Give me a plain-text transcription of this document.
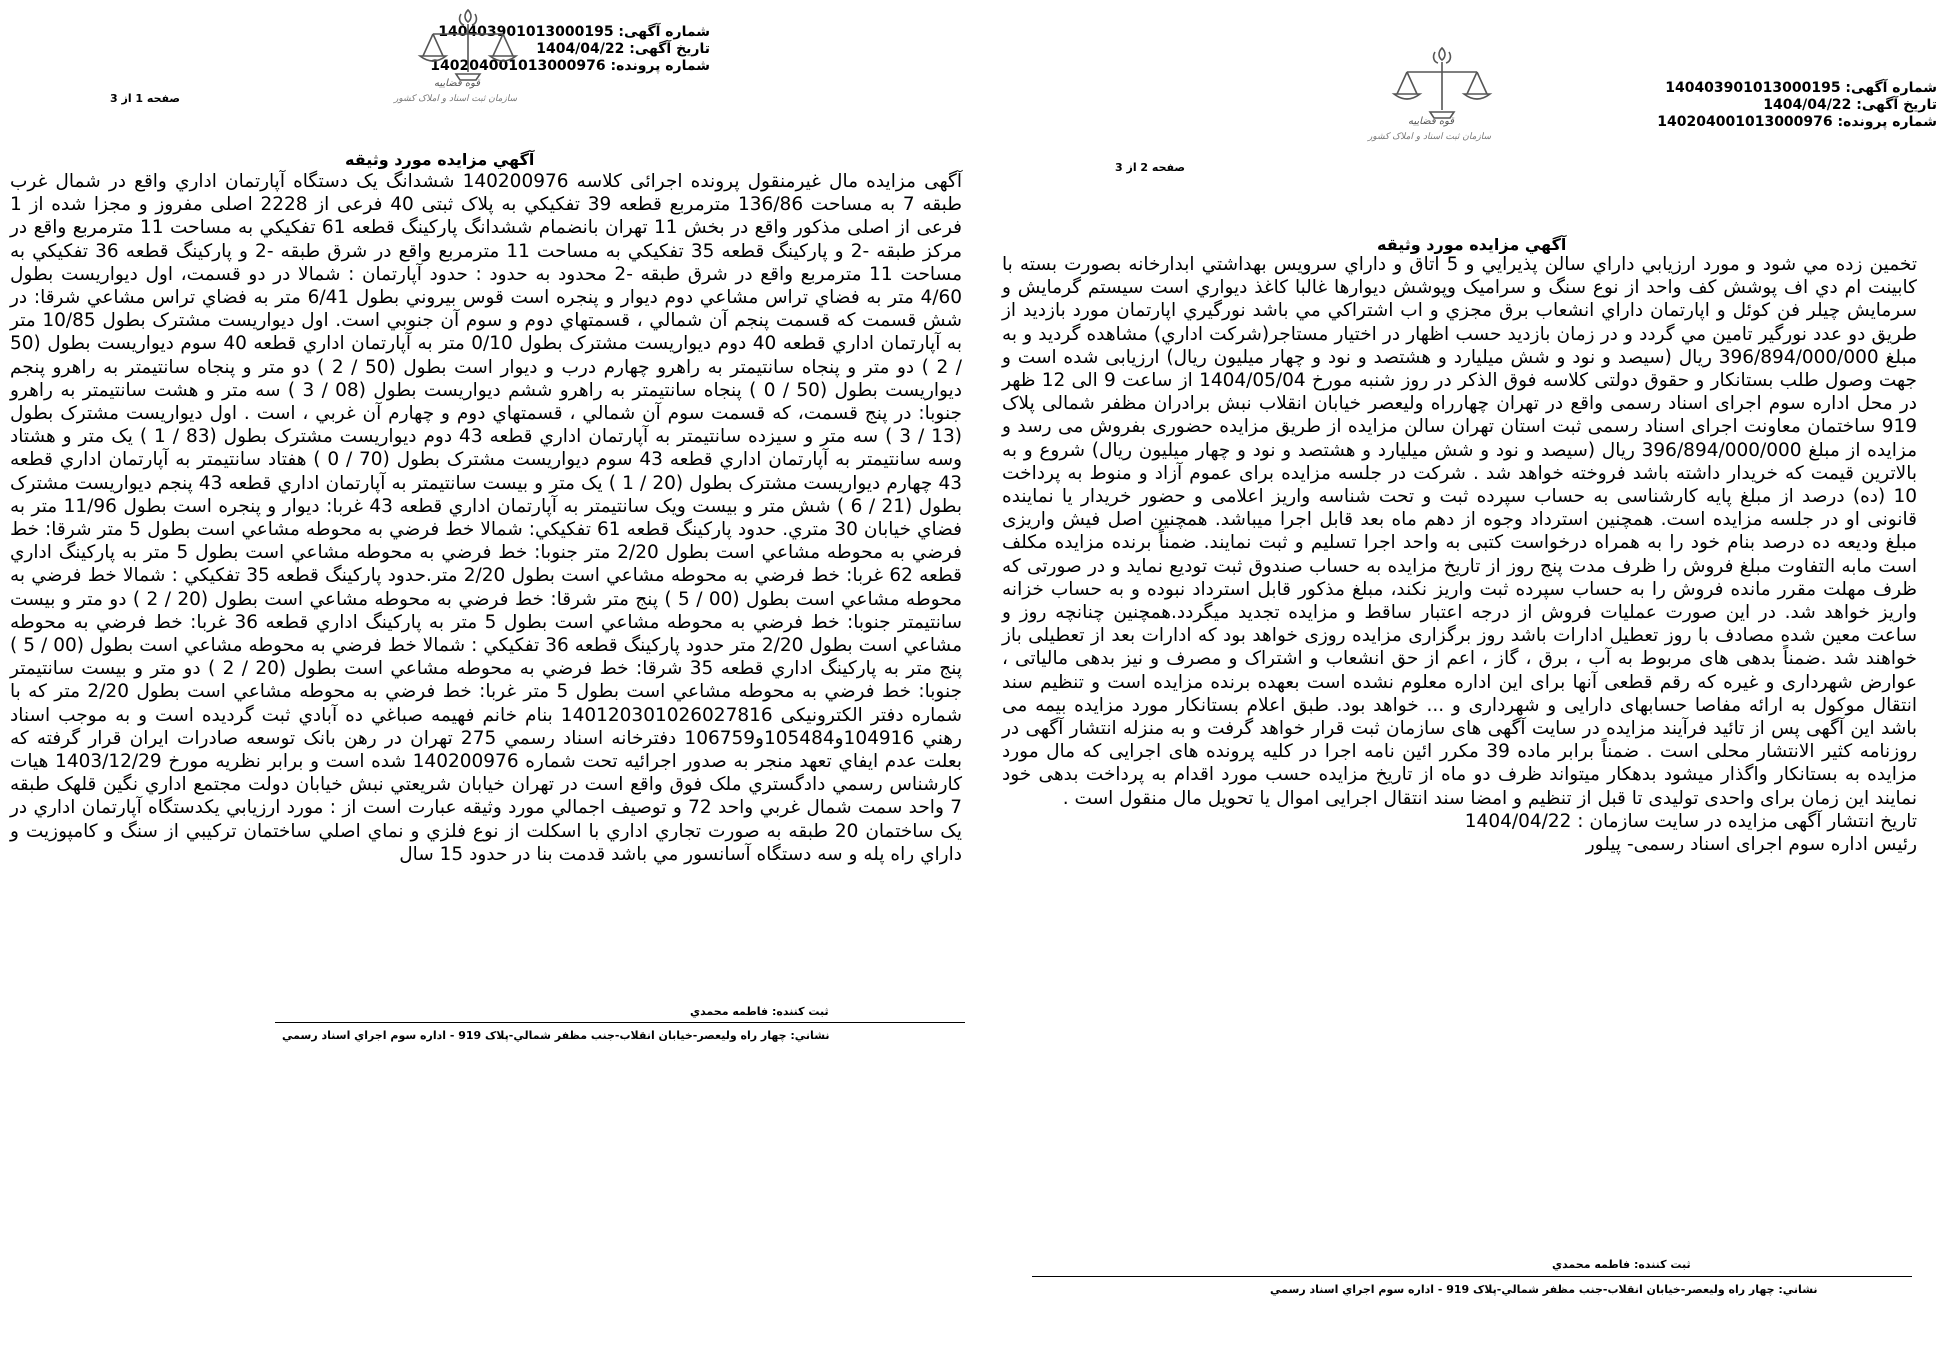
شماره آگهی: 140403901013000195
تاریخ آگهی: 1404/04/22
شماره پرونده: 140204001013000976
قوه قضاييه
سازمان ثبت اسناد و املاک کشور
صفحه 1 از 3
آگهي مزايده مورد وثيقه
آگهی مزایده مال غیرمنقول پرونده اجرائی کلاسه 140200976 ششدانگ يک دستگاه آپارتمان اداري واقع در شمال غرب طبقه 7 به مساحت 136/86 مترمربع قطعه 39 تفکيکي به پلاک ثبتی 40 فرعی از 2228 اصلی مفروز و مجزا شده از 1 فرعی از اصلی مذکور واقع در بخش 11 تهران بانضمام ششدانگ پارکينگ قطعه 61 تفکيکي به مساحت 11 مترمربع واقع در مرکز طبقه -2 و پارکينگ قطعه 35 تفکيکي به مساحت 11 مترمربع واقع در شرق طبقه -2 و پارکينگ قطعه 36 تفکيکي به مساحت 11 مترمربع واقع در شرق طبقه -2 محدود به حدود : حدود آپارتمان : شمالا در دو قسمت، اول ديواريست بطول 4/60 متر به فضاي تراس مشاعي دوم ديوار و پنجره است قوس بيروني بطول 6/41 متر به فضاي تراس مشاعي شرقا: در شش قسمت که قسمت پنجم آن شمالي ، قسمتهاي دوم و سوم آن جنوبي است. اول ديواريست مشترک بطول 10/85 متر به آپارتمان اداري قطعه 40 دوم ديواريست مشترک بطول 0/10 متر به آپارتمان اداري قطعه 40 سوم ديواريست بطول (50 / 2 ) دو متر و پنجاه سانتيمتر به راهرو چهارم درب و ديوار است بطول (50 / 2 ) دو متر و پنجاه سانتيمتر به راهرو پنجم ديواريست بطول (50 / 0 ) پنجاه سانتيمتر به راهرو ششم ديواريست بطول (08 / 3 ) سه متر و هشت سانتيمتر به راهرو جنوبا: در پنج قسمت، که قسمت سوم آن شمالي ، قسمتهاي دوم و چهارم آن غربي ، است . اول ديواريست مشترک بطول (13 / 3 ) سه متر و سيزده سانتيمتر به آپارتمان اداري قطعه 43 دوم ديواريست مشترک بطول (83 / 1 ) يک متر و هشتاد وسه سانتيمتر به آپارتمان اداري قطعه 43 سوم ديواريست مشترک بطول (70 / 0 ) هفتاد سانتيمتر به آپارتمان اداري قطعه 43 چهارم ديواريست مشترک بطول (20 / 1 ) يک متر و بيست سانتيمتر به آپارتمان اداري قطعه 43 پنجم ديواريست مشترک بطول (21 / 6 ) شش متر و بيست ويک سانتيمتر به آپارتمان اداري قطعه 43 غربا: ديوار و پنجره است بطول 11/96 متر به فضاي خيابان 30 متري. حدود پارکينگ قطعه 61 تفکيکي: شمالا خط فرضي به محوطه مشاعي است بطول 5 متر شرقا: خط فرضي به محوطه مشاعي است بطول 2/20 متر جنوبا: خط فرضي به محوطه مشاعي است بطول 5 متر به پارکينگ اداري قطعه 62 غربا: خط فرضي به محوطه مشاعي است بطول 2/20 متر.حدود پارکينگ قطعه 35 تفکيکي : شمالا خط فرضي به محوطه مشاعي است بطول (00 / 5 ) پنج متر شرقا: خط فرضي به محوطه مشاعي است بطول (20 / 2 ) دو متر و بيست سانتيمتر جنوبا: خط فرضي به محوطه مشاعي است بطول 5 متر به پارکينگ اداري قطعه 36 غربا: خط فرضي به محوطه مشاعي است بطول 2/20 متر حدود پارکينگ قطعه 36 تفکيکي : شمالا خط فرضي به محوطه مشاعي است بطول (00 / 5 ) پنج متر به پارکينگ اداري قطعه 35 شرقا: خط فرضي به محوطه مشاعي است بطول (20 / 2 ) دو متر و بيست سانتيمتر جنوبا: خط فرضي به محوطه مشاعي است بطول 5 متر غربا: خط فرضي به محوطه مشاعي است بطول 2/20 متر که با شماره دفتر الکترونيکی 140120301026027816 بنام خانم فهيمه صباغي ده آبادي ثبت گرديده است و به موجب اسناد رهني 104916و105484و106759 دفترخانه اسناد رسمي 275 تهران در رهن بانک توسعه صادرات ايران قرار گرفته که بعلت عدم ايفاي تعهد منجر به صدور اجرائيه تحت شماره 140200976 شده است و برابر نظريه مورخ 1403/12/29 هيات کارشناس رسمي دادگستري ملک فوق واقع است در تهران خيابان شريعتي نبش خيابان دولت مجتمع اداري نگين قلهک طبقه 7 واحد سمت شمال غربي واحد 72 و توصيف اجمالي مورد وثيقه عبارت است از : مورد ارزيابي يکدستگاه آپارتمان اداري در يک ساختمان 20 طبقه به صورت تجاري اداري با اسکلت از نوع فلزي و نماي اصلي ساختمان ترکيبي از سنگ و کامپوزيت و داراي راه پله و سه دستگاه آسانسور مي باشد قدمت بنا در حدود 15 سال
ثبت کننده: فاطمه محمدي
نشاني: چهار راه وليعصر-خيابان انقلاب-جنب مظفر شمالي-پلاک 919 - اداره سوم اجراي اسناد رسمي
شماره آگهی: 140403901013000195
تاریخ آگهی: 1404/04/22
شماره پرونده: 140204001013000976
قوه قضاييه
سازمان ثبت اسناد و املاک کشور
صفحه 2 از 3
آگهي مزايده مورد وثيقه
تخمين زده مي شود و مورد ارزيابي داراي سالن پذيرايي و 5 اتاق و داراي سرويس بهداشتي ابدارخانه بصورت بسته با کابينت ام دي اف پوشش کف واحد از نوع سنگ و سراميک وپوشش ديوارها غالبا کاغذ ديواري است سيستم گرمايش و سرمايش چيلر فن کوئل و اپارتمان داراي انشعاب برق مجزي و اب اشتراکي مي باشد نورگيري اپارتمان مورد بازديد از طريق دو عدد نورگير تامين مي گردد و در زمان بازديد حسب اظهار در اختيار مستاجر(شرکت اداري) مشاهده گرديد و به مبلغ 396/894/000/000 ريال (سيصد و نود و شش ميليارد و هشتصد و نود و چهار ميليون ريال) ارزیابی شده است و جهت وصول طلب بستانکار و حقوق دولتی کلاسه فوق الذکر در روز شنبه مورخ 1404/05/04 از ساعت 9 الی 12 ظهر در محل اداره سوم اجرای اسناد رسمی واقع در تهران چهارراه ولیعصر خیابان انقلاب نبش برادران مظفر شمالی پلاک 919 ساختمان معاونت اجرای اسناد رسمی ثبت استان تهران سالن مزایده از طریق مزایده حضوری بفروش می رسد و مزایده از مبلغ 396/894/000/000 ريال (سيصد و نود و شش ميليارد و هشتصد و نود و چهار ميليون ريال) شروع و به بالاترین قیمت که خریدار داشته باشد فروخته خواهد شد . شرکت در جلسه مزایده برای عموم آزاد و منوط به پرداخت 10 (ده) درصد از مبلغ پایه کارشناسی به حساب سپرده ثبت و تحت شناسه واریز اعلامی و حضور خریدار یا نماینده قانونی او در جلسه مزایده است. همچنین استرداد وجوه از دهم ماه بعد قابل اجرا میباشد. همچنین اصل فیش واریزی مبلغ ودیعه ده درصد بنام خود را به همراه درخواست کتبی به واحد اجرا تسلیم و ثبت نمایند. ضمناً برنده مزایده مکلف است مابه التفاوت مبلغ فروش را ظرف مدت پنج روز از تاریخ مزایده به حساب صندوق ثبت تودیع نماید و در صورتی که ظرف مهلت مقرر مانده فروش را به حساب سپرده ثبت واریز نکند، مبلغ مذکور قابل استرداد نبوده و به حساب خزانه واریز خواهد شد. در این صورت عملیات فروش از درجه اعتبار ساقط و مزایده تجدید میگردد.همچنین چنانچه روز و ساعت معین شده مصادف با روز تعطیل ادارات باشد روز برگزاری مزایده روزی خواهد بود که ادارات بعد از تعطیلی باز خواهند شد .ضمناً بدهی های مربوط به آب ، برق ، گاز ، اعم از حق انشعاب و اشتراک و مصرف و نیز بدهی مالیاتی ، عوارض شهرداری و غیره که رقم قطعی آنها برای این اداره معلوم نشده است بعهده برنده مزایده است و تنظیم سند انتقال موکول به ارائه مفاصا حسابهای دارایی و شهرداری و ... خواهد بود. طبق اعلام بستانکار مورد مزایده بیمه می باشد این آگهی پس از تائید فرآیند مزایده در سایت آگهی های سازمان ثبت قرار خواهد گرفت و به منزله انتشار آگهی در روزنامه کثیر الانتشار محلی است . ضمناً برابر ماده 39 مکرر ائین نامه اجرا در کلیه پرونده های اجرایی که مال مورد مزایده به بستانکار واگذار میشود بدهکار میتواند ظرف دو ماه از تاریخ مزایده حسب مورد اقدام به پرداخت بدهی خود نمایند این زمان برای واحدی تولیدی تا قبل از تنظیم و امضا سند انتقال اجرایی اموال یا تحویل مال منقول است .
تاریخ انتشار آگهی مزایده در سایت سازمان : 1404/04/22
رئیس اداره سوم اجرای اسناد رسمی- پیلور
ثبت کننده: فاطمه محمدي
نشاني: چهار راه وليعصر-خيابان انقلاب-جنب مظفر شمالي-پلاک 919 - اداره سوم اجراي اسناد رسمي
